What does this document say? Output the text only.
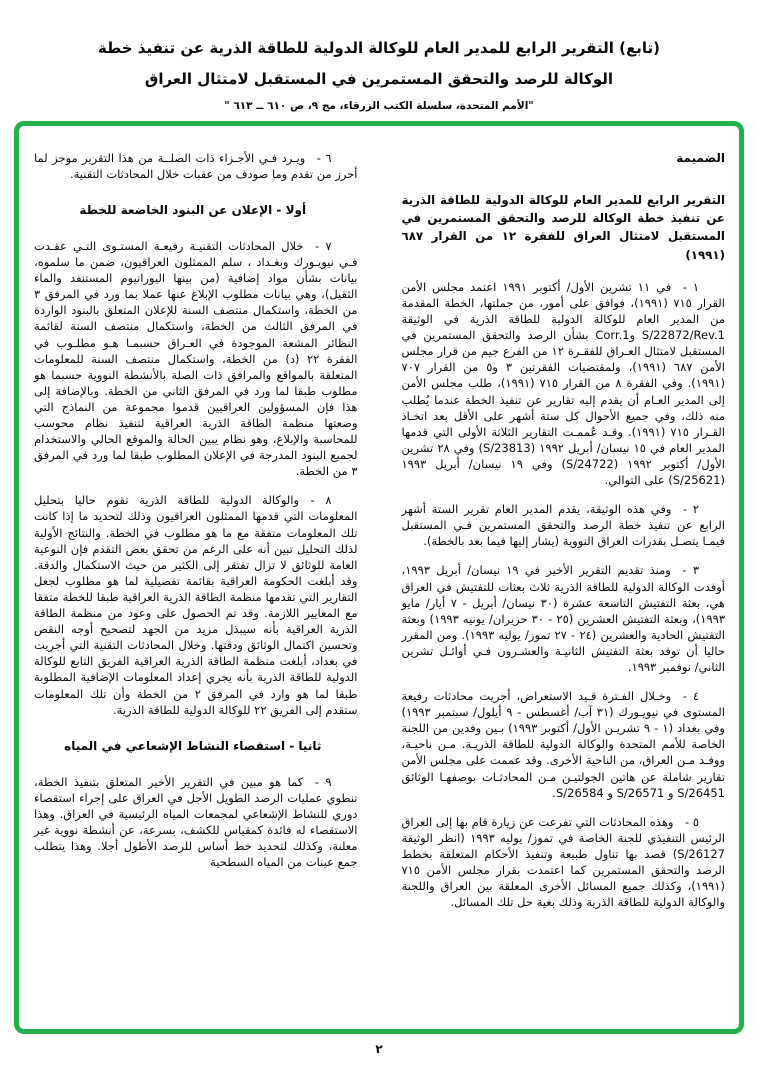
(تابع) التقرير الرابع للمدير العام للوكالة الدولية للطاقة الذرية عن تنفيذ خطة
الوكالة للرصد والتحقق المستمرين في المستقبل لامتثال العراق
"الأمم المتحدة، سلسلة الكتب الزرقاء، مج ٩، ص ٦١٠ ــ ٦١٣ "
الضميمة

التقرير الرابع للمدير العام للوكالة الدولية للطاقة الذرية عن تنفيذ خطة الوكالة للرصد والتحقق المستمرين في المستقبل لامتثال العراق للفقرة ١٢ من القرار ٦٨٧ (١٩٩١)

١ - في ١١ تشرين الأول/ أكتوبر ١٩٩١ اعتمد مجلس الأمن القرار ٧١٥ (١٩٩١)، فوافق على أمور، من جملتها، الخطة المقدمة من المدير العام للوكالة الدولية للطاقة الذرية في الوثيقة S/22872/Rev.1 وCorr.1 بشأن الرصد والتحقق المستمرين في المستقبل لامتثال العـراق للفقـرة ١٢ من الفرع جيم من قرار مجلس الأمن ٦٨٧ (١٩٩١)، ولمقتضيات الفقرتين ٣ و٥ من القرار ٧٠٧ (١٩٩١). وفي الفقرة ٨ من القرار ٧١٥ (١٩٩١)، طلب مجلس الأمن إلى المدير العـام أن يقدم إليه تقارير عن تنفيذ الخطة عندما يُطلب منه ذلك، وفي جميع الأحوال كل ستة أشهر على الأقل بعد اتخـاذ القـرار ٧١٥ (١٩٩١). وقـد عُممـت التقارير الثلاثة الأولى التي قدمها المدير العام في ١٥ نيسان/ أبريل ١٩٩٢ (S/23813) وفي ٢٨ تشرين الأول/ أكتوبر ١٩٩٢ (S/24722) وفي ١٩ نيسان/ أبريل ١٩٩٣ (S/25621) على التوالي.

٢ - وفي هذه الوثيقة، يقدم المدير العام تقرير الستة أشهر الرابع عن تنفيذ خطة الرصد والتحقق المستمرين فـي المستقبل فيمـا يتصـل بقدرات العراق النووية (يشار إليها فيما بعد بالخطة).

٣ - ومنذ تقديم التقرير الأخير في ١٩ نيسان/ أبريل ١٩٩٣، أوفدت الوكالة الدولية للطاقة الذرية ثلاث بعثات للتفتيش في العراق هي، بعثة التفتيش التاسعة عشرة (٣٠ نيسان/ أبريل - ٧ أيار/ مايو ١٩٩٣)، وبعثة التفتيش العشرين (٢٥ - ٣٠ حزيران/ يونيه ١٩٩٣) وبعثة التفتيش الحادية والعشرين (٢٤ - ٢٧ تموز/ يوليه ١٩٩٣). ومن المقرر حاليا أن توفد بعثة التفتيش الثانيـة والعشـرون فـي أوائـل تشرين الثاني/ نوفمبر ١٩٩٣.

٤ - وخـلال الفـترة قـيد الاستعراض، أجريت محادثات رفيعة المستوى في نيويـورك (٣١ آب/ أغسطس - ٩ أيلول/ سبتمبر ١٩٩٣) وفي بغداد (١ - ٩ تشريـن الأول/ أكتوبر ١٩٩٣) بـين وفدين من اللجنة الخاصة للأمم المتحدة والوكالة الدولية للطاقة الذريـة. مـن ناحيـة، ووفـد مـن العراق، من الناحية الأخرى. وقد عممت على مجلس الأمن تقارير شاملة عن هاتين الجولتيـن مـن المحادثـات بوصفهـا الوثائق S/26451 و S/26571 و S/26584.

٥ - وهذه المحادثات التي تفرعت عن زيارة قام بها إلى العراق الرئيس التنفيذي للجنة الخاصة في تموز/ يوليه ١٩٩٣ (انظر الوثيقة S/26127) قصد بها تناول طبيعة وتنفيذ الأحكام المتعلقة بخطط الرصد والتحقق المستمرين كما اعتمدت بقرار مجلس الأمن ٧١٥ (١٩٩١)، وكذلك جميع المسائل الأخرى المعلقة بين العراق واللجنة والوكالة الدولية للطاقة الذرية وذلك بغية حل تلك المسائل.

٦ - ويـرد فـي الأجـزاء ذات الصلــة من هذا التقرير موجز لما أحرز من تقدم وما صودف من عقبات خلال المحادثات التقنية.

أولا - الإعلان عن البنود الخاضعة للخطة

٧ - خلال المحادثات التقنيـة رفيعـة المستـوى التـي عقـدت فـي نيويـورك وبغـداد ، سلم الممثلون العراقيون، ضمن ما سلموه، بيانات بشأن مواد إضافية (من بينها اليورانيوم المستنفد والماء الثقيل)، وهي بيانات مطلوب الإبلاغ عنها عملا بما ورد في المرفق ٣ من الخطة، واستكمال منتصف السنة للإعلان المتعلق بالبنود الواردة في المرفق الثالث من الخطة، واستكمال منتصف السنة لقائمة النظائر المشعة الموجودة في العـراق حسبمـا هـو مطلـوب في الفقرة ٢٢ (د) من الخطة، واستكمال منتصف السنة للمعلومات المتعلقة بالمواقع والمرافق ذات الصلة بالأنشطة النووية حسبما هو مطلوب طبقا لما ورد في المرفق الثاني من الخطة. وبالإضافة إلى هذا فإن المسؤولين العراقيين قدموا مجموعة من النماذج التي وضعتها منظمة الطاقة الذرية العراقية لتنفيذ نظام محوسب للمحاسبة والإبلاغ، وهو نظام يبين الحالة والموقع الحالي والاستخدام لجميع البنود المدرجة في الإعلان المطلوب طبقا لما ورد في المرفق ٣ من الخطة.

٨ - والوكالة الدولية للطاقة الذرية تقوم حاليا بتحليل المعلومات التي قدمها الممثلون العراقيون وذلك لتحديد ما إذا كانت تلك المعلومات متفقة مع ما هو مطلوب في الخطة. والنتائج الأولية لذلك التحليل تبين أنه على الرغم من تحقق بعض التقدم فإن النوعية العامة للوثائق لا تزال تفتقر إلى الكثير من حيث الاستكمال والدقة. وقد أبلغت الحكومة العراقية بقائمة تفصيلية لما هو مطلوب لجعل التقارير التي تقدمها منظمة الطاقة الذرية العراقية طبقا للخطة متفقا مع المعايير اللازمة. وقد تم الحصول على وعود من منظمة الطاقة الذرية العراقية بأنه سيبذل مزيد من الجهد لتصحيح أوجه النقص وتحسين اكتمال الوثائق ودقتها. وخلال المحادثات التقنية التي أجريت في بغداد، أبلغت منظمة الطاقة الذرية العراقية الفريق التابع للوكالة الدولية للطاقة الذرية بأنه يجري إعداد المعلومات الإضافية المطلوبة طبقا لما هو وارد في المرفق ٢ من الخطة وأن تلك المعلومات ستقدم إلى الفريق ٢٢ للوكالة الدولية للطاقة الذرية.

ثانيا - استقصاء النشاط الإشعاعي في المياه

٩ - كما هو مبين في التقرير الأخير المتعلق بتنفيذ الخطة، تنطوي عمليات الرصد الطويل الأجل في العراق على إجراء استقصاء دوري للنشاط الإشعاعي لمجمعات المياه الرئيسية في العراق. وهذا الاستقصاء له فائدة كمقياس للكشف، بسرعة، عن أنشطة نووية غير معلنة، وكذلك لتحديد خط أساس للرصد الأطول أجلا. وهذا يتطلب جمع عينات من المياه السطحية

٢
